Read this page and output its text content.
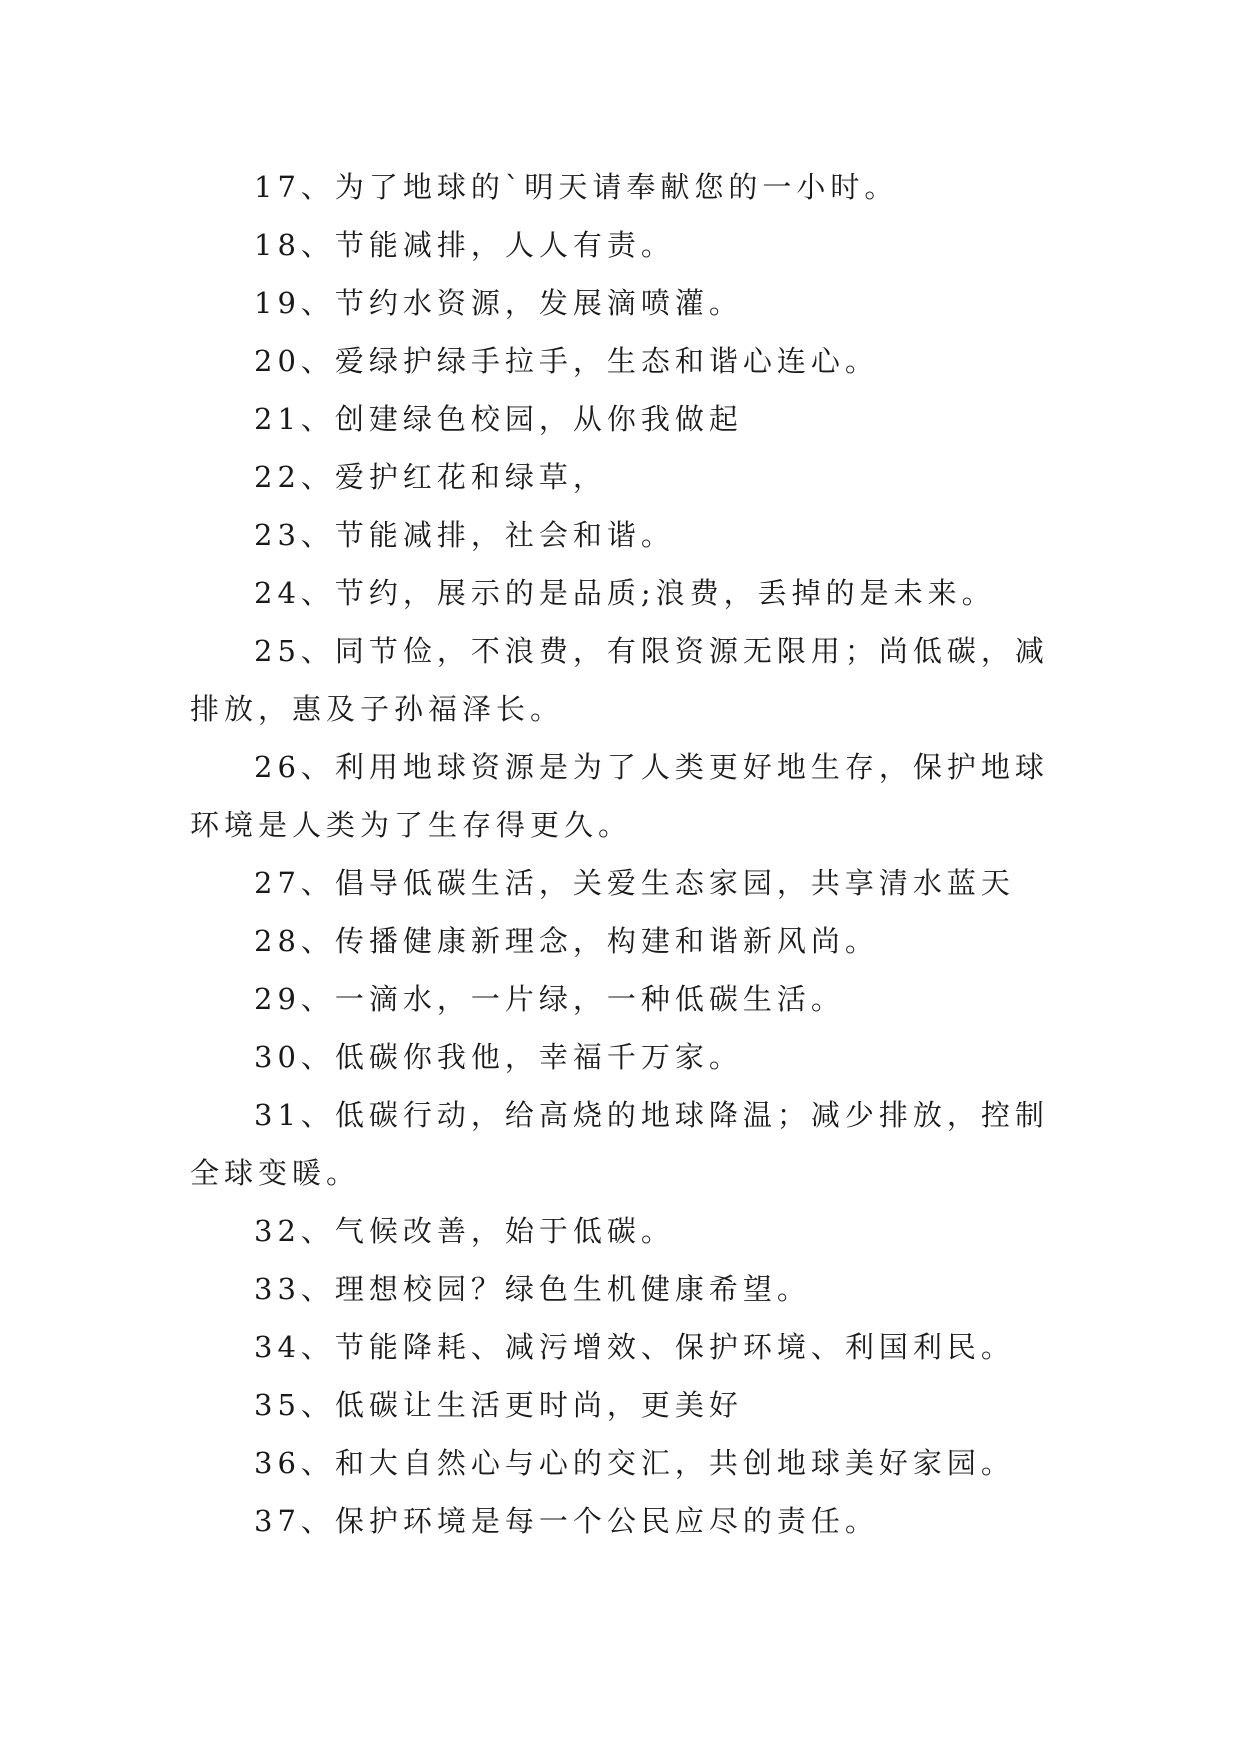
17、为了地球的`明天请奉献您的一小时。

18、节能减排，人人有责。

19、节约水资源，发展滴喷灌。

20、爱绿护绿手拉手，生态和谐心连心。

21、创建绿色校园，从你我做起

22、爱护红花和绿草，

23、节能减排，社会和谐。

24、节约，展示的是品质;浪费，丢掉的是未来。

25、同节俭，不浪费，有限资源无限用；尚低碳，减排放，惠及子孙福泽长。

26、利用地球资源是为了人类更好地生存，保护地球环境是人类为了生存得更久。

27、倡导低碳生活，关爱生态家园，共享清水蓝天

28、传播健康新理念，构建和谐新风尚。

29、一滴水，一片绿，一种低碳生活。

30、低碳你我他，幸福千万家。

31、低碳行动，给高烧的地球降温；减少排放，控制全球变暖。

32、气候改善，始于低碳。

33、理想校园？绿色生机健康希望。

34、节能降耗、减污增效、保护环境、利国利民。

35、低碳让生活更时尚，更美好

36、和大自然心与心的交汇，共创地球美好家园。

37、保护环境是每一个公民应尽的责任。
